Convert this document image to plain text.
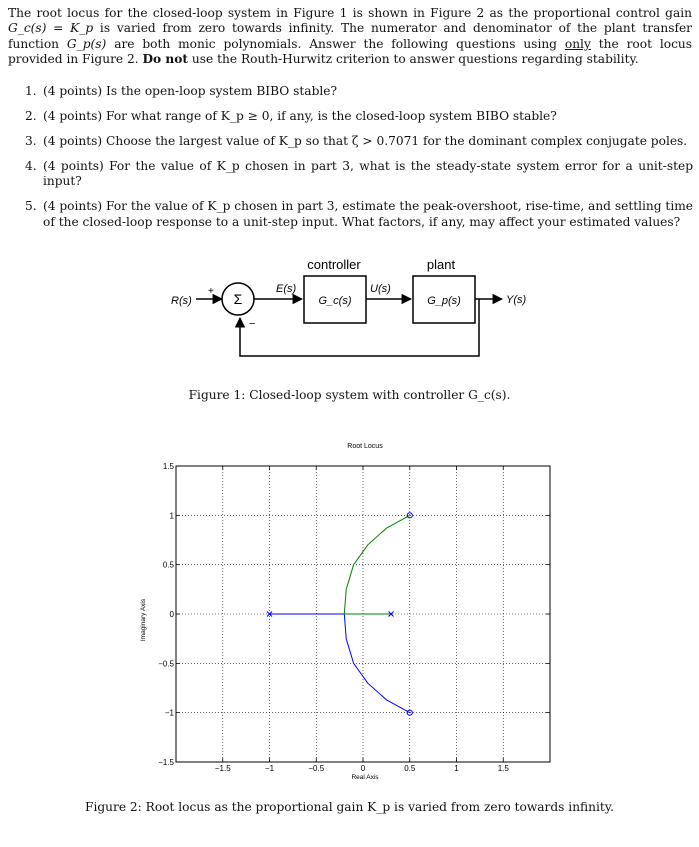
The root locus for the closed-loop system in Figure 1 is shown in Figure 2 as the proportional control gain G_c(s) = K_p is varied from zero towards infinity. The numerator and denominator of the plant transfer function G_p(s) are both monic polynomials. Answer the following questions using only the root locus provided in Figure 2. Do not use the Routh-Hurwitz criterion to answer questions regarding stability.
1. (4 points) Is the open-loop system BIBO stable?
2. (4 points) For what range of K_p ≥ 0, if any, is the closed-loop system BIBO stable?
3. (4 points) Choose the largest value of K_p so that ζ > 0.7071 for the dominant complex conjugate poles.
4. (4 points) For the value of K_p chosen in part 3, what is the steady-state system error for a unit-step input?
5. (4 points) For the value of K_p chosen in part 3, estimate the peak-overshoot, rise-time, and settling time of the closed-loop response to a unit-step input. What factors, if any, may affect your estimated values?
controller	plant
R(s)
+ Σ
−
E(s)
G_c(s)
U(s)
G_p(s)	Y(s)
Figure 1: Closed-loop system with controller G_c(s).
Root Locus
Imaginary Axis
Real Axis
−1.5	−1	−0.5	0	0.5	1	1.5
1.5
1
0.5
0
−0.5
−1
−1.5
Figure 2: Root locus as the proportional gain K_p is varied from zero towards infinity.
